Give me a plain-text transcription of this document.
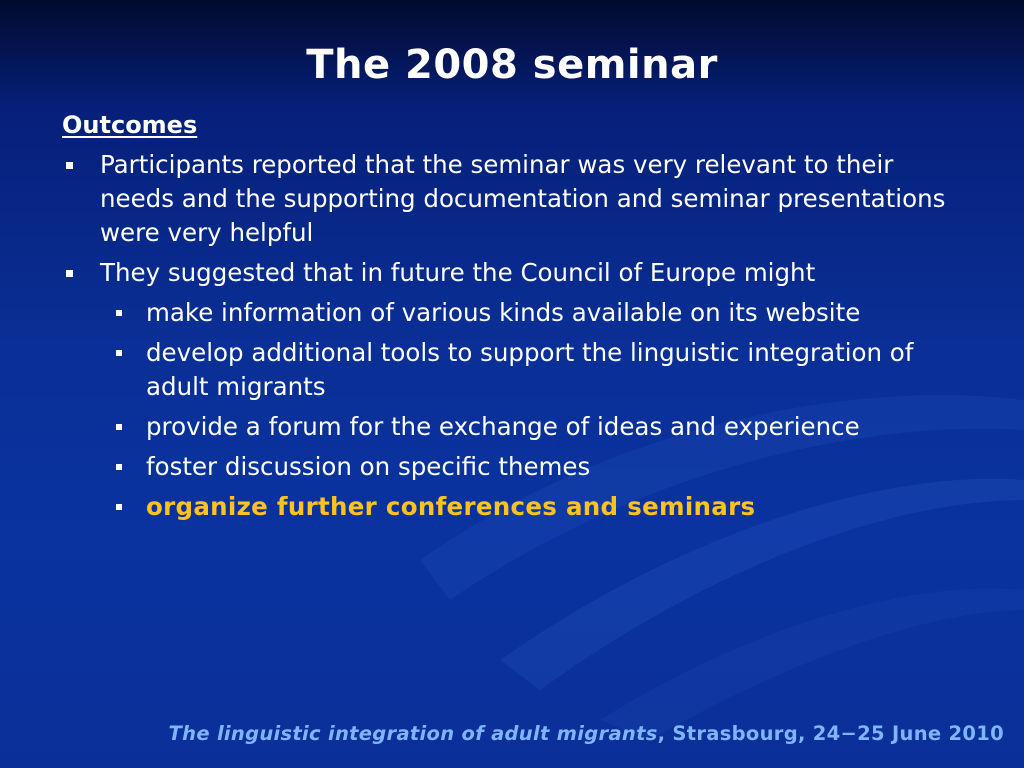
The 2008 seminar
Outcomes
Participants reported that the seminar was very relevant to their needs and the supporting documentation and seminar presentations were very helpful
They suggested that in future the Council of Europe might
make information of various kinds available on its website
develop additional tools to support the linguistic integration of adult migrants
provide a forum for the exchange of ideas and experience
foster discussion on specific themes
organize further conferences and seminars
The linguistic integration of adult migrants, Strasbourg, 24−25 June 2010
